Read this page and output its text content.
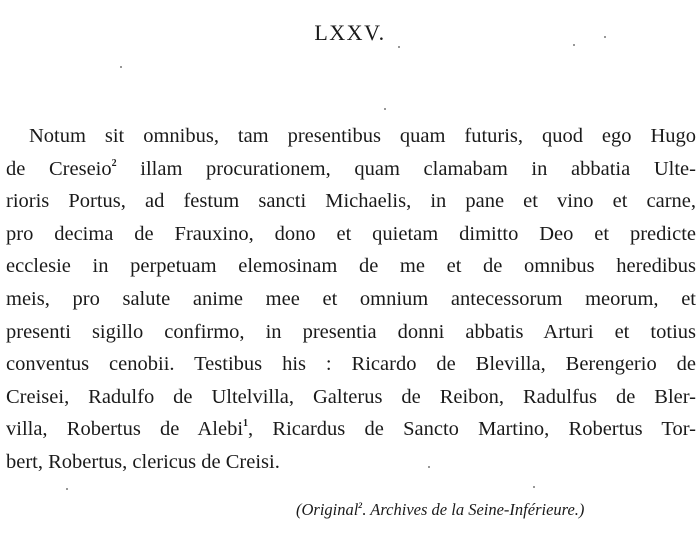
LXXV.
Notum sit omnibus, tam presentibus quam futuris, quod ego Hugo
de Creseio$^2$ illam procurationem, quam clamabam in abbatia Ulte-
rioris Portus, ad festum sancti Michaelis, in pane et vino et carne,
pro decima de Frauxino, dono et quietam dimitto Deo et predicte
ecclesie in perpetuam elemosinam de me et de omnibus heredibus
meis, pro salute anime mee et omnium antecessorum meorum, et
presenti sigillo confirmo, in presentia donni abbatis Arturi et totius
conventus cenobii. Testibus his : Ricardo de Blevilla, Berengerio de
Creisei, Radulfo de Ultelvilla, Galterus de Reibon, Radulfus de Bler-
villa, Robertus de Alebi$^1$, Ricardus de Sancto Martino, Robertus Tor-
bert, Robertus, clericus de Creisi.
(Original$^2$. Archives de la Seine-Inférieure.)
